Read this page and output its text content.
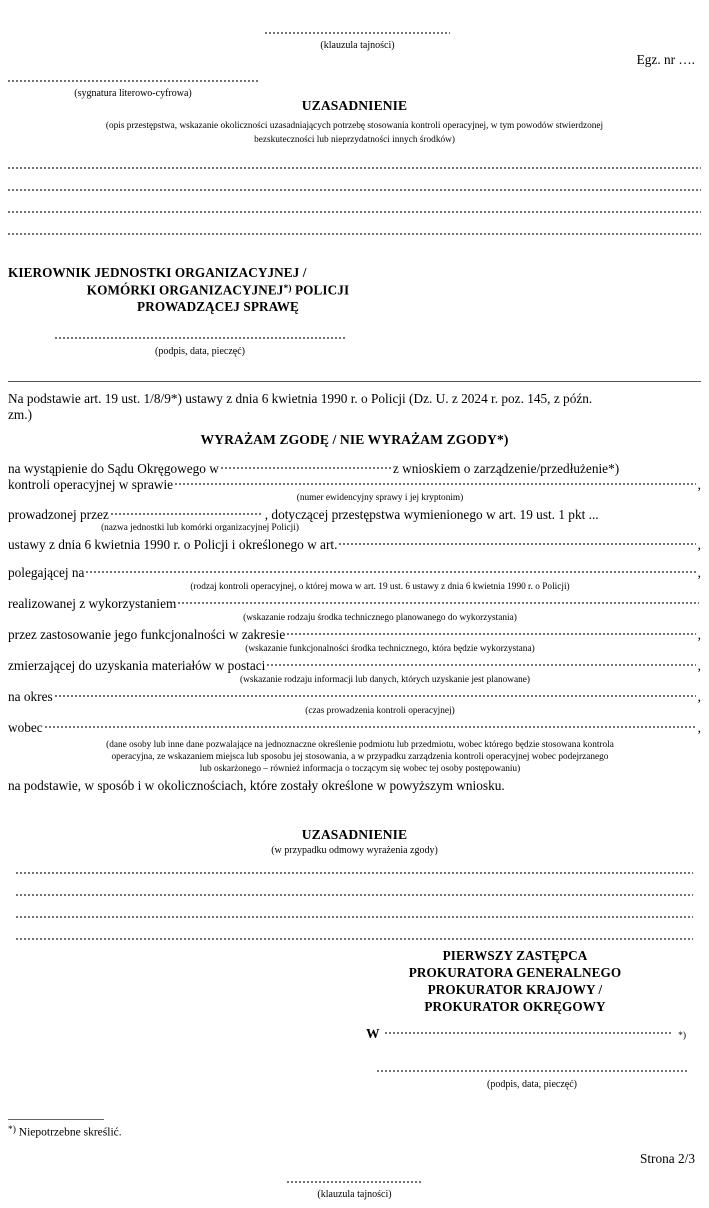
(klauzula tajności)
Egz. nr ….
(sygnatura literowo-cyfrowa)
UZASADNIENIE
(opis przestępstwa, wskazanie okoliczności uzasadniających potrzebę stosowania kontroli operacyjnej, w tym powodów stwierdzonej
bezskuteczności lub nieprzydatności innych środków)
KIEROWNIK JEDNOSTKI ORGANIZACYJNEJ /
KOMÓRKI ORGANIZACYJNEJ*) POLICJI
PROWADZĄCEJ SPRAWĘ
(podpis, data, pieczęć)
Na podstawie art. 19 ust. 1/8/9*) ustawy z dnia 6 kwietnia 1990 r. o Policji (Dz. U. z 2024 r. poz. 145, z późn.
zm.)
WYRAŻAM ZGODĘ / NIE WYRAŻAM ZGODY*)
na wystąpienie do Sądu Okręgowego w	z wnioskiem o zarządzenie/przedłużenie*)
kontroli operacyjnej w sprawie	,
(numer ewidencyjny sprawy i jej kryptonim)
prowadzonej przez	, dotyczącej przestępstwa wymienionego w art. 19 ust. 1 pkt ...
(nazwa jednostki lub komórki organizacyjnej Policji)
ustawy z dnia 6 kwietnia 1990 r. o Policji i określonego w art.	,
polegającej na	,
(rodzaj kontroli operacyjnej, o której mowa w art. 19 ust. 6 ustawy z dnia 6 kwietnia 1990 r. o Policji)
realizowanej z wykorzystaniem
(wskazanie rodzaju środka technicznego planowanego do wykorzystania)
przez zastosowanie jego funkcjonalności w zakresie	,
(wskazanie funkcjonalności środka technicznego, która będzie wykorzystana)
zmierzającej do uzyskania materiałów w postaci	,
(wskazanie rodzaju informacji lub danych, których uzyskanie jest planowane)
na okres	,
(czas prowadzenia kontroli operacyjnej)
wobec	,
(dane osoby lub inne dane pozwalające na jednoznaczne określenie podmiotu lub przedmiotu, wobec którego będzie stosowana kontrola
operacyjna, ze wskazaniem miejsca lub sposobu jej stosowania, a w przypadku zarządzenia kontroli operacyjnej wobec podejrzanego
lub oskarżonego – również informacja o toczącym się wobec tej osoby postępowaniu)
na podstawie, w sposób i w okolicznościach, które zostały określone w powyższym wniosku.
UZASADNIENIE
(w przypadku odmowy wyrażenia zgody)
PIERWSZY ZASTĘPCA
PROKURATORA GENERALNEGO
PROKURATOR KRAJOWY /
PROKURATOR OKRĘGOWY
W	*)
(podpis, data, pieczęć)
*) Niepotrzebne skreślić.
Strona 2/3
(klauzula tajności)
